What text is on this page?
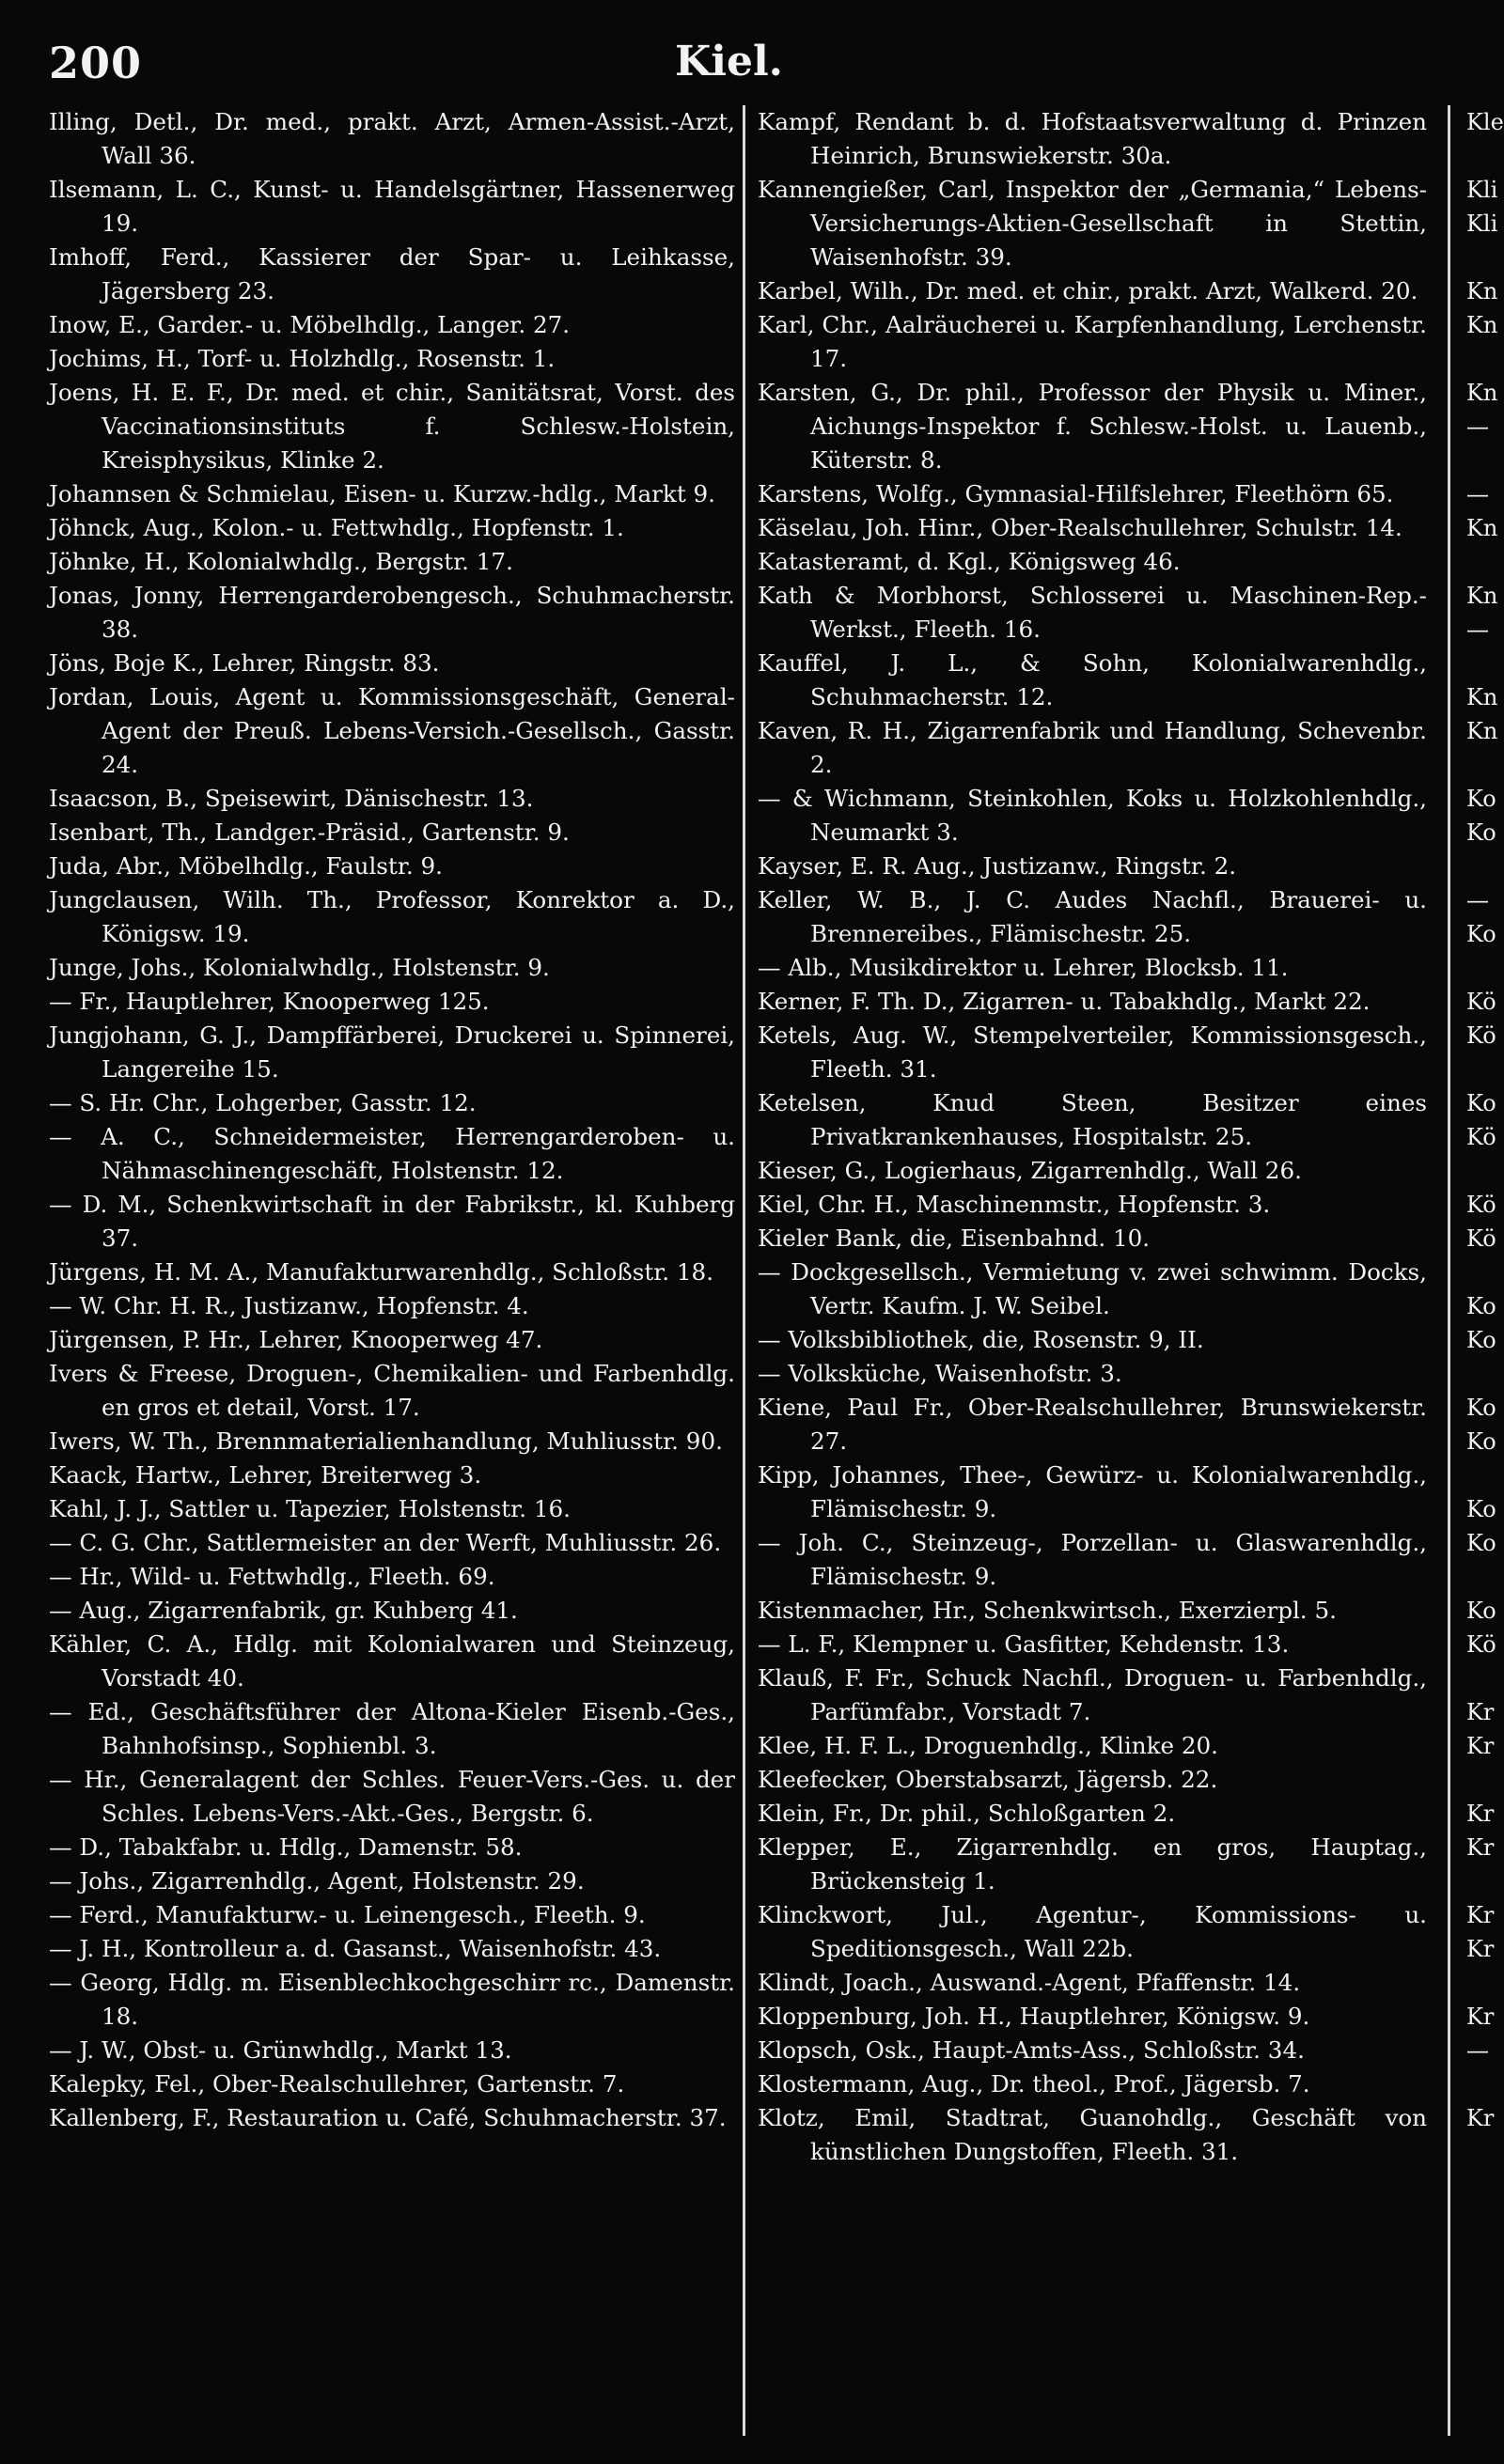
200	Kiel.
Illing, Detl., Dr. med., prakt. Arzt, Armen-Assist.-Arzt, Wall 36.
Ilsemann, L. C., Kunst- u. Handelsgärtner, Hassenerweg 19.
Imhoff, Ferd., Kassierer der Spar- u. Leihkasse, Jägersberg 23.
Inow, E., Garder.- u. Möbelhdlg., Langer. 27.
Jochims, H., Torf- u. Holzhdlg., Rosenstr. 1.
Joens, H. E. F., Dr. med. et chir., Sanitätsrat, Vorst. des Vaccinationsinstituts f. Schlesw.-Holstein, Kreisphysikus, Klinke 2.
Johannsen & Schmielau, Eisen- u. Kurzw.-hdlg., Markt 9.
Jöhnck, Aug., Kolon.- u. Fettwhdlg., Hopfenstr. 1.
Jöhnke, H., Kolonialwhdlg., Bergstr. 17.
Jonas, Jonny, Herrengarderobengesch., Schuhmacherstr. 38.
Jöns, Boje K., Lehrer, Ringstr. 83.
Jordan, Louis, Agent u. Kommissionsgeschäft, General-Agent der Preuß. Lebens-Versich.-Gesellsch., Gasstr. 24.
Isaacson, B., Speisewirt, Dänischestr. 13.
Isenbart, Th., Landger.-Präsid., Gartenstr. 9.
Juda, Abr., Möbelhdlg., Faulstr. 9.
Jungclausen, Wilh. Th., Professor, Konrektor a. D., Königsw. 19.
Junge, Johs., Kolonialwhdlg., Holstenstr. 9.
— Fr., Hauptlehrer, Knooperweg 125.
Jungjohann, G. J., Dampffärberei, Druckerei u. Spinnerei, Langereihe 15.
— S. Hr. Chr., Lohgerber, Gasstr. 12.
— A. C., Schneidermeister, Herrengarderoben- u. Nähmaschinengeschäft, Holstenstr. 12.
— D. M., Schenkwirtschaft in der Fabrikstr., kl. Kuhberg 37.
Jürgens, H. M. A., Manufakturwarenhdlg., Schloßstr. 18.
— W. Chr. H. R., Justizanw., Hopfenstr. 4.
Jürgensen, P. Hr., Lehrer, Knooperweg 47.
Ivers & Freese, Droguen-, Chemikalien- und Farbenhdlg. en gros et detail, Vorst. 17.
Iwers, W. Th., Brennmaterialienhandlung, Muhliusstr. 90.
Kaack, Hartw., Lehrer, Breiterweg 3.
Kahl, J. J., Sattler u. Tapezier, Holstenstr. 16.
— C. G. Chr., Sattlermeister an der Werft, Muhliusstr. 26.
— Hr., Wild- u. Fettwhdlg., Fleeth. 69.
— Aug., Zigarrenfabrik, gr. Kuhberg 41.
Kähler, C. A., Hdlg. mit Kolonialwaren und Steinzeug, Vorstadt 40.
— Ed., Geschäftsführer der Altona-Kieler Eisenb.-Ges., Bahnhofsinsp., Sophienbl. 3.
— Hr., Generalagent der Schles. Feuer-Vers.-Ges. u. der Schles. Lebens-Vers.-Akt.-Ges., Bergstr. 6.
— D., Tabakfabr. u. Hdlg., Damenstr. 58.
— Johs., Zigarrenhdlg., Agent, Holstenstr. 29.
— Ferd., Manufakturw.- u. Leinengesch., Fleeth. 9.
— J. H., Kontrolleur a. d. Gasanst., Waisenhofstr. 43.
— Georg, Hdlg. m. Eisenblechkochgeschirr rc., Damenstr. 18.
— J. W., Obst- u. Grünwhdlg., Markt 13.
Kalepky, Fel., Ober-Realschullehrer, Gartenstr. 7.
Kallenberg, F., Restauration u. Café, Schuhmacherstr. 37.
Kampf, Rendant b. d. Hofstaatsverwaltung d. Prinzen Heinrich, Brunswiekerstr. 30a.
Kannengießer, Carl, Inspektor der „Germania,“ Lebens-Versicherungs-Aktien-Gesellschaft in Stettin, Waisenhofstr. 39.
Karbel, Wilh., Dr. med. et chir., prakt. Arzt, Walkerd. 20.
Karl, Chr., Aalräucherei u. Karpfenhandlung, Lerchenstr. 17.
Karsten, G., Dr. phil., Professor der Physik u. Miner., Aichungs-Inspektor f. Schlesw.-Holst. u. Lauenb., Küterstr. 8.
Karstens, Wolfg., Gymnasial-Hilfslehrer, Fleethörn 65.
Käselau, Joh. Hinr., Ober-Realschullehrer, Schulstr. 14.
Katasteramt, d. Kgl., Königsweg 46.
Kath & Morbhorst, Schlosserei u. Maschinen-Rep.-Werkst., Fleeth. 16.
Kauffel, J. L., & Sohn, Kolonialwarenhdlg., Schuhmacherstr. 12.
Kaven, R. H., Zigarrenfabrik und Handlung, Schevenbr. 2.
— & Wichmann, Steinkohlen, Koks u. Holzkohlenhdlg., Neumarkt 3.
Kayser, E. R. Aug., Justizanw., Ringstr. 2.
Keller, W. B., J. C. Audes Nachfl., Brauerei- u. Brennereibes., Flämischestr. 25.
— Alb., Musikdirektor u. Lehrer, Blocksb. 11.
Kerner, F. Th. D., Zigarren- u. Tabakhdlg., Markt 22.
Ketels, Aug. W., Stempelverteiler, Kommissionsgesch., Fleeth. 31.
Ketelsen, Knud Steen, Besitzer eines Privatkrankenhauses, Hospitalstr. 25.
Kieser, G., Logierhaus, Zigarrenhdlg., Wall 26.
Kiel, Chr. H., Maschinenmstr., Hopfenstr. 3.
Kieler Bank, die, Eisenbahnd. 10.
— Dockgesellsch., Vermietung v. zwei schwimm. Docks, Vertr. Kaufm. J. W. Seibel.
— Volksbibliothek, die, Rosenstr. 9, II.
— Volksküche, Waisenhofstr. 3.
Kiene, Paul Fr., Ober-Realschullehrer, Brunswiekerstr. 27.
Kipp, Johannes, Thee-, Gewürz- u. Kolonialwarenhdlg., Flämischestr. 9.
— Joh. C., Steinzeug-, Porzellan- u. Glaswarenhdlg., Flämischestr. 9.
Kistenmacher, Hr., Schenkwirtsch., Exerzierpl. 5.
— L. F., Klempner u. Gasfitter, Kehdenstr. 13.
Klauß, F. Fr., Schuck Nachfl., Droguen- u. Farbenhdlg., Parfümfabr., Vorstadt 7.
Klee, H. F. L., Droguenhdlg., Klinke 20.
Kleefecker, Oberstabsarzt, Jägersb. 22.
Klein, Fr., Dr. phil., Schloßgarten 2.
Klepper, E., Zigarrenhdlg. en gros, Hauptag., Brückensteig 1.
Klinckwort, Jul., Agentur-, Kommissions- u. Speditionsgesch., Wall 22b.
Klindt, Joach., Auswand.-Agent, Pfaffenstr. 14.
Kloppenburg, Joh. H., Hauptlehrer, Königsw. 9.
Klopsch, Osk., Haupt-Amts-Ass., Schloßstr. 34.
Klostermann, Aug., Dr. theol., Prof., Jägersb. 7.
Klotz, Emil, Stadtrat, Guanohdlg., Geschäft von künstlichen Dungstoffen, Fleeth. 31.
Kle
Kli
Kli
Kn
Kn
Kn
—
—
Kn
Kn
—
Kn
Kn
Ko
Ko
—
Ko
Kö
Kö
Ko
Kö
Kö
Kö
Ko
Ko
Ko
Ko
Ko
Ko
Ko
Kö
Kr
Kr
Kr
Kr
Kr
Kr
Kr
—
Kr
